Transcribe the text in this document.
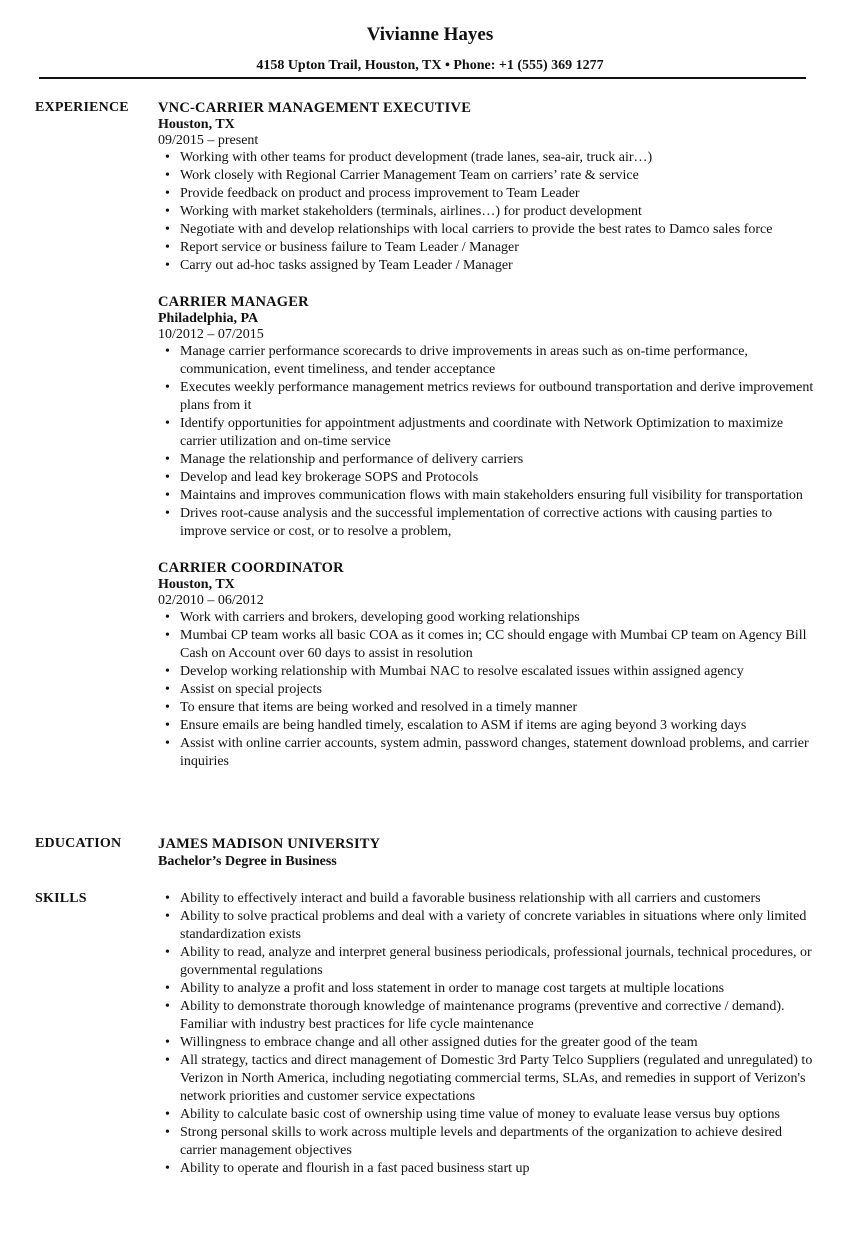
Vivianne Hayes
4158 Upton Trail, Houston, TX • Phone: +1 (555) 369 1277
EXPERIENCE VNC-CARRIER MANAGEMENT EXECUTIVE
Houston, TX
09/2015 – present
• Working with other teams for product development (trade lanes, sea-air, truck air…)
• Work closely with Regional Carrier Management Team on carriers’ rate & service
• Provide feedback on product and process improvement to Team Leader
• Working with market stakeholders (terminals, airlines…) for product development
• Negotiate with and develop relationships with local carriers to provide the best rates to Damco sales force
• Report service or business failure to Team Leader / Manager
• Carry out ad-hoc tasks assigned by Team Leader / Manager
CARRIER MANAGER
Philadelphia, PA
10/2012 – 07/2015
• Manage carrier performance scorecards to drive improvements in areas such as on-time performance, communication, event timeliness, and tender acceptance
• Executes weekly performance management metrics reviews for outbound transportation and derive improvement plans from it
• Identify opportunities for appointment adjustments and coordinate with Network Optimization to maximize carrier utilization and on-time service
• Manage the relationship and performance of delivery carriers
• Develop and lead key brokerage SOPS and Protocols
• Maintains and improves communication flows with main stakeholders ensuring full visibility for transportation
• Drives root-cause analysis and the successful implementation of corrective actions with causing parties to improve service or cost, or to resolve a problem,
CARRIER COORDINATOR
Houston, TX
02/2010 – 06/2012
• Work with carriers and brokers, developing good working relationships
• Mumbai CP team works all basic COA as it comes in; CC should engage with Mumbai CP team on Agency Bill Cash on Account over 60 days to assist in resolution
• Develop working relationship with Mumbai NAC to resolve escalated issues within assigned agency
• Assist on special projects
• To ensure that items are being worked and resolved in a timely manner
• Ensure emails are being handled timely, escalation to ASM if items are aging beyond 3 working days
• Assist with online carrier accounts, system admin, password changes, statement download problems, and carrier inquiries
EDUCATION	JAMES MADISON UNIVERSITY
Bachelor’s Degree in Business
SKILLS
•	Ability to effectively interact and build a favorable business relationship with all carriers and customers
• Ability to solve practical problems and deal with a variety of concrete variables in situations where only limited standardization exists
• Ability to read, analyze and interpret general business periodicals, professional journals, technical procedures, or governmental regulations
• Ability to analyze a profit and loss statement in order to manage cost targets at multiple locations
• Ability to demonstrate thorough knowledge of maintenance programs (preventive and corrective / demand). Familiar with industry best practices for life cycle maintenance
• Willingness to embrace change and all other assigned duties for the greater good of the team
• All strategy, tactics and direct management of Domestic 3rd Party Telco Suppliers (regulated and unregulated) to Verizon in North America, including negotiating commercial terms, SLAs, and remedies in support of Verizon's network priorities and customer service expectations
• Ability to calculate basic cost of ownership using time value of money to evaluate lease versus buy options
• Strong personal skills to work across multiple levels and departments of the organization to achieve desired carrier management objectives
• Ability to operate and flourish in a fast paced business start up
